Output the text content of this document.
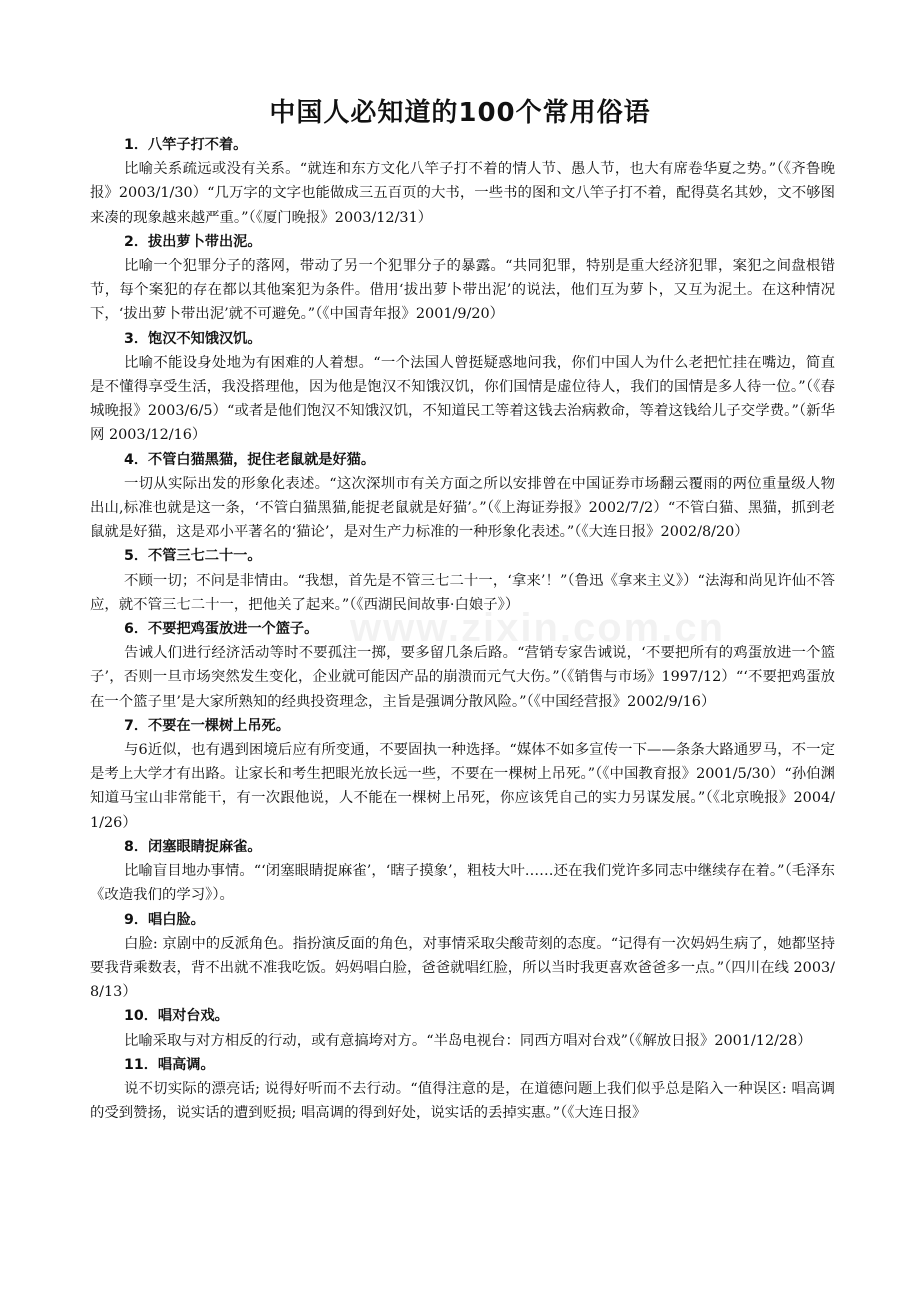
中国人必知道的100个常用俗语
www.zixin.com.cn

1．八竿子打不着。

比喻关系疏远或没有关系。“就连和东方文化八竿子打不着的情人节、愚人节，也大有席卷华夏之势。”（《齐鲁晚报》2003/1/30）“几万字的文字也能做成三五百页的大书，一些书的图和文八竿子打不着，配得莫名其妙，文不够图来凑的现象越来越严重。”（《厦门晚报》2003/12/31）

2．拔出萝卜带出泥。

比喻一个犯罪分子的落网，带动了另一个犯罪分子的暴露。“共同犯罪，特别是重大经济犯罪，案犯之间盘根错节，每个案犯的存在都以其他案犯为条件。借用‘拔出萝卜带出泥’的说法，他们互为萝卜，又互为泥土。在这种情况下，‘拔出萝卜带出泥’就不可避免。”（《中国青年报》2001/9/20）

3．饱汉不知饿汉饥。

比喻不能设身处地为有困难的人着想。“一个法国人曾挺疑惑地问我，你们中国人为什么老把忙挂在嘴边，简直是不懂得享受生活，我没搭理他，因为他是饱汉不知饿汉饥，你们国情是虚位待人，我们的国情是多人待一位。”（《春城晚报》2003/6/5）“或者是他们饱汉不知饿汉饥，不知道民工等着这钱去治病救命，等着这钱给儿子交学费。”（新华网 2003/12/16）

4．不管白猫黑猫，捉住老鼠就是好猫。

一切从实际出发的形象化表述。“这次深圳市有关方面之所以安排曾在中国证券市场翻云覆雨的两位重量级人物出山,标准也就是这一条，‘不管白猫黑猫,能捉老鼠就是好猫’。”（《上海证券报》2002/7/2）“不管白猫、黑猫，抓到老鼠就是好猫，这是邓小平著名的‘猫论’，是对生产力标准的一种形象化表述。”（《大连日报》2002/8/20）

5．不管三七二十一。

不顾一切；不问是非情由。“我想，首先是不管三七二十一，‘拿来’！”（鲁迅《拿来主义》）“法海和尚见许仙不答应，就不管三七二十一，把他关了起来。”（《西湖民间故事·白娘子》）

6．不要把鸡蛋放进一个篮子。

告诫人们进行经济活动等时不要孤注一掷，要多留几条后路。“营销专家告诫说，‘不要把所有的鸡蛋放进一个篮子’，否则一旦市场突然发生变化，企业就可能因产品的崩溃而元气大伤。”（《销售与市场》1997/12）“‘不要把鸡蛋放在一个篮子里’是大家所熟知的经典投资理念，主旨是强调分散风险。”（《中国经营报》2002/9/16）

7．不要在一棵树上吊死。

与6近似，也有遇到困境后应有所变通，不要固执一种选择。“媒体不如多宣传一下——条条大路通罗马，不一定是考上大学才有出路。让家长和考生把眼光放长远一些，不要在一棵树上吊死。”（《中国教育报》2001/5/30）“孙伯渊知道马宝山非常能干，有一次跟他说，人不能在一棵树上吊死，你应该凭自己的实力另谋发展。”（《北京晚报》2004/1/26）

8．闭塞眼睛捉麻雀。

比喻盲目地办事情。“‘闭塞眼睛捉麻雀’，‘瞎子摸象’，粗枝大叶……还在我们党许多同志中继续存在着。”（毛泽东《改造我们的学习》）。

9．唱白脸。

白脸: 京剧中的反派角色。指扮演反面的角色，对事情采取尖酸苛刻的态度。“记得有一次妈妈生病了，她都坚持要我背乘数表，背不出就不准我吃饭。妈妈唱白脸，爸爸就唱红脸，所以当时我更喜欢爸爸多一点。”（四川在线 2003/8/13）

10．唱对台戏。

比喻采取与对方相反的行动，或有意搞垮对方。“半岛电视台：同西方唱对台戏”（《解放日报》2001/12/28）

11．唱高调。

说不切实际的漂亮话; 说得好听而不去行动。“值得注意的是，在道德问题上我们似乎总是陷入一种误区: 唱高调的受到赞扬，说实话的遭到贬损; 唱高调的得到好处，说实话的丢掉实惠。”（《大连日报》
